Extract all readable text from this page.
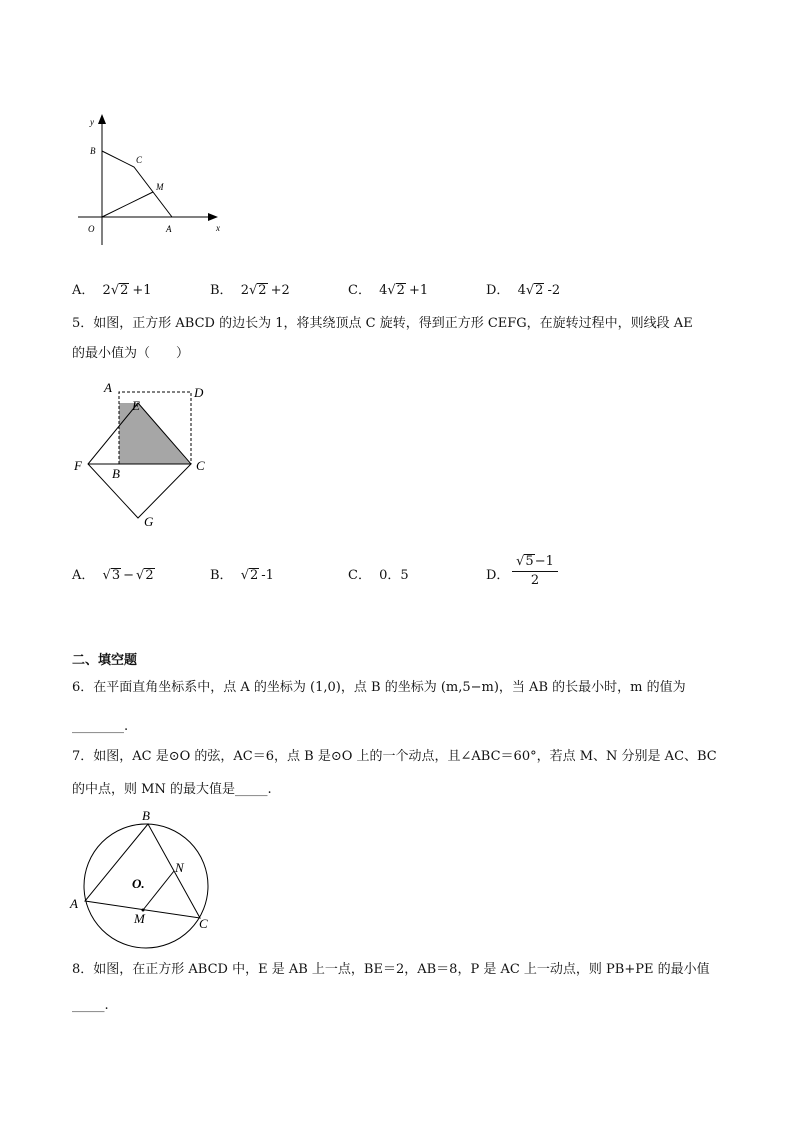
y
x
O	A
B
C
M
A． 2√2 +1	B． 2√2 +2	C． 4√2 +1	D． 4√2 -2
5．如图，正方形 ABCD 的边长为 1，将其绕顶点 C 旋转，得到正方形 CEFG，在旋转过程中，则线段 AE
的最小值为（　　）
A	D
E
F
B
C
G
A． √3 − √2	B． √2 -1	C． 0．5	D． $\frac{√5-1}{2}$
二、填空题
6．在平面直角坐标系中，点 A 的坐标为 (1,0)，点 B 的坐标为 (m,5−m)，当 AB 的长最小时，m 的值为
________.
7．如图，AC 是⊙O 的弦，AC＝6，点 B 是⊙O 上的一个动点，且∠ABC＝60°，若点 M、N 分别是 AC、BC
的中点，则 MN 的最大值是_____.
B
A
C
N
M
O.
8．如图，在正方形 ABCD 中，E 是 AB 上一点，BE＝2，AB＝8，P 是 AC 上一动点，则 PB+PE 的最小值
_____.
